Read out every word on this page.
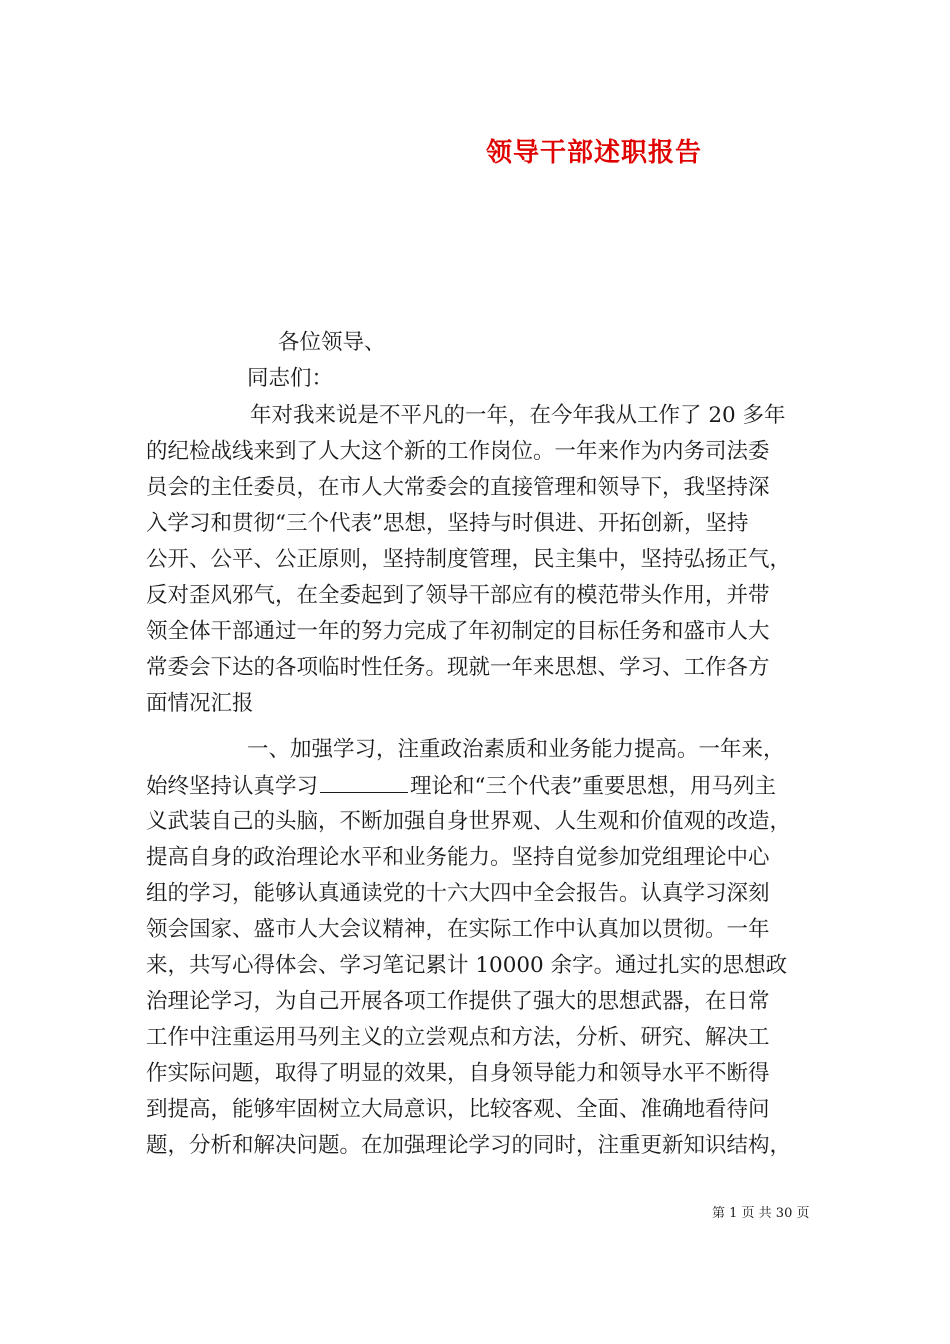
领导干部述职报告
各位领导、
同志们：
年对我来说是不平凡的一年，在今年我从工作了 20 多年
的纪检战线来到了人大这个新的工作岗位。一年来作为内务司法委
员会的主任委员，在市人大常委会的直接管理和领导下，我坚持深
入学习和贯彻“三个代表”思想，坚持与时俱进、开拓创新，坚持
公开、公平、公正原则，坚持制度管理，民主集中，坚持弘扬正气，
反对歪风邪气，在全委起到了领导干部应有的模范带头作用，并带
领全体干部通过一年的努力完成了年初制定的目标任务和盛市人大
常委会下达的各项临时性任务。现就一年来思想、学习、工作各方
面情况汇报
一、加强学习，注重政治素质和业务能力提高。一年来，
始终坚持认真学习	理论和“三个代表”重要思想，用马列主
义武装自己的头脑，不断加强自身世界观、人生观和价值观的改造，
提高自身的政治理论水平和业务能力。坚持自觉参加党组理论中心
组的学习，能够认真通读党的十六大四中全会报告。认真学习深刻
领会国家、盛市人大会议精神，在实际工作中认真加以贯彻。一年
来，共写心得体会、学习笔记累计 10000 余字。通过扎实的思想政
治理论学习，为自己开展各项工作提供了强大的思想武器，在日常
工作中注重运用马列主义的立尝观点和方法，分析、研究、解决工
作实际问题，取得了明显的效果，自身领导能力和领导水平不断得
到提高，能够牢固树立大局意识，比较客观、全面、准确地看待问
题，分析和解决问题。在加强理论学习的同时，注重更新知识结构，
第 1 页 共 30 页
